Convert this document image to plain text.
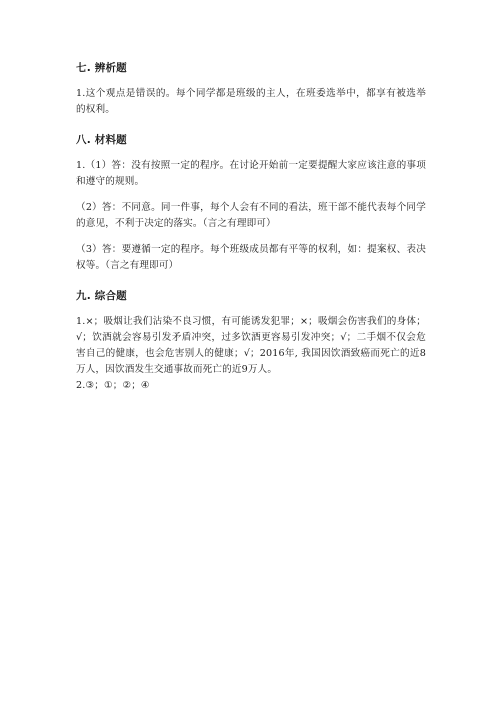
七. 辨析题

1.这个观点是错误的。每个同学都是班级的主人，在班委选举中，都享有被选举的权利。

八. 材料题

1.（1）答：没有按照一定的程序。在讨论开始前一定要提醒大家应该注意的事项和遵守的规则。

（2）答：不同意。同一件事，每个人会有不同的看法，班干部不能代表每个同学的意见，不利于决定的落实。（言之有理即可）

（3）答：要遵循一定的程序。每个班级成员都有平等的权利，如：提案权、表决权等。（言之有理即可）

九. 综合题

1.×；吸烟让我们沾染不良习惯，有可能诱发犯罪；×；吸烟会伤害我们的身体；√；饮酒就会容易引发矛盾冲突，过多饮酒更容易引发冲突；√；二手烟不仅会危害自己的健康，也会危害别人的健康；√；2016年, 我国因饮酒致癌而死亡的近8万人，因饮酒发生交通事故而死亡的近9万人。

2.③；①；②；④
